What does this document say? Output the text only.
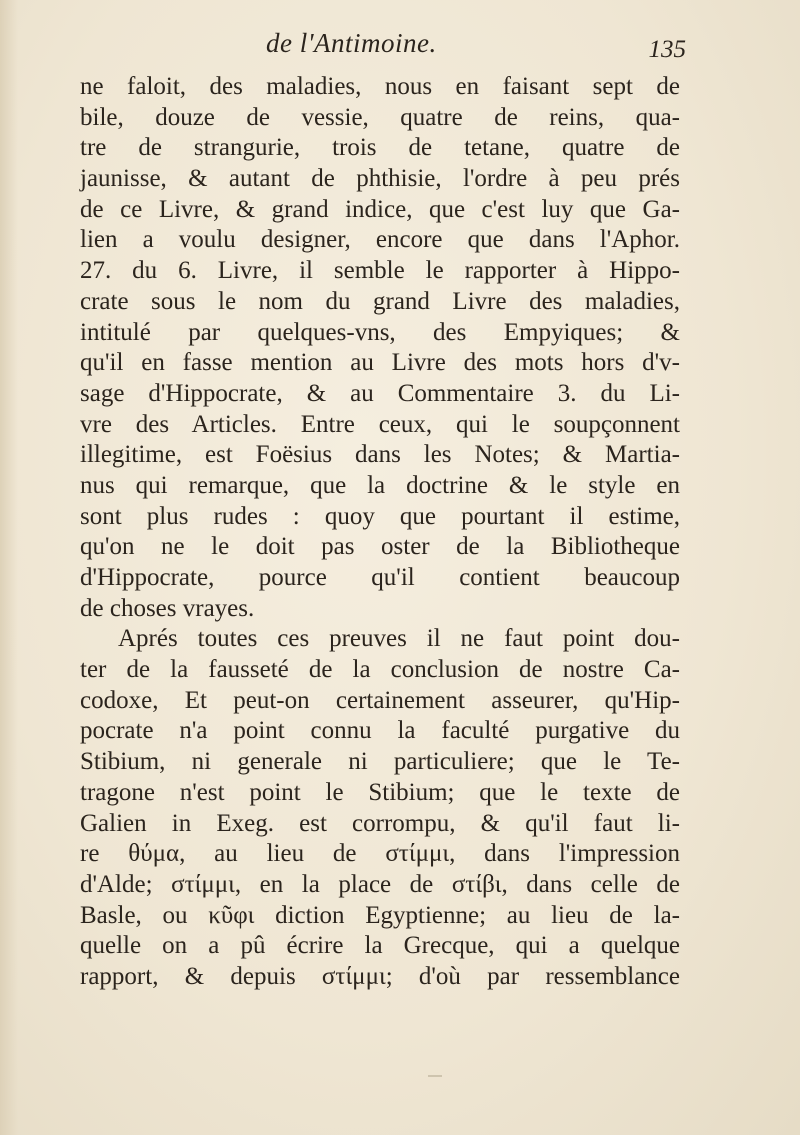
de l'Antimoine.	135
ne faloit, des maladies, nous en faisant sept de
bile, douze de vessie, quatre de reins, qua-
tre de strangurie, trois de tetane, quatre de
jaunisse, & autant de phthisie, l'ordre à peu prés
de ce Livre, & grand indice, que c'est luy que Ga-
lien a voulu designer, encore que dans l'Aphor.
27. du 6. Livre, il semble le rapporter à Hippo-
crate sous le nom du grand Livre des maladies,
intitulé par quelques-vns, des Empyiques; &
qu'il en fasse mention au Livre des mots hors d'v-
sage d'Hippocrate, & au Commentaire 3. du Li-
vre des Articles. Entre ceux, qui le soupçonnent
illegitime, est Foësius dans les Notes; & Martia-
nus qui remarque, que la doctrine & le style en
sont plus rudes : quoy que pourtant il estime,
qu'on ne le doit pas oster de la Bibliotheque
d'Hippocrate, pource qu'il contient beaucoup
de choses vrayes.
Aprés toutes ces preuves il ne faut point dou-
ter de la fausseté de la conclusion de nostre Ca-
codoxe, Et peut-on certainement asseurer, qu'Hip-
pocrate n'a point connu la faculté purgative du
Stibium, ni generale ni particuliere; que le Te-
tragone n'est point le Stibium; que le texte de
Galien in Exeg. est corrompu, & qu'il faut li-
re θύμα, au lieu de στίμμι, dans l'impression
d'Alde; στίμμι, en la place de στίβι, dans celle de
Basle, ou κῦφι diction Egyptienne; au lieu de la-
quelle on a pû écrire la Grecque, qui a quelque
rapport, & depuis στίμμι; d'où par ressemblance
